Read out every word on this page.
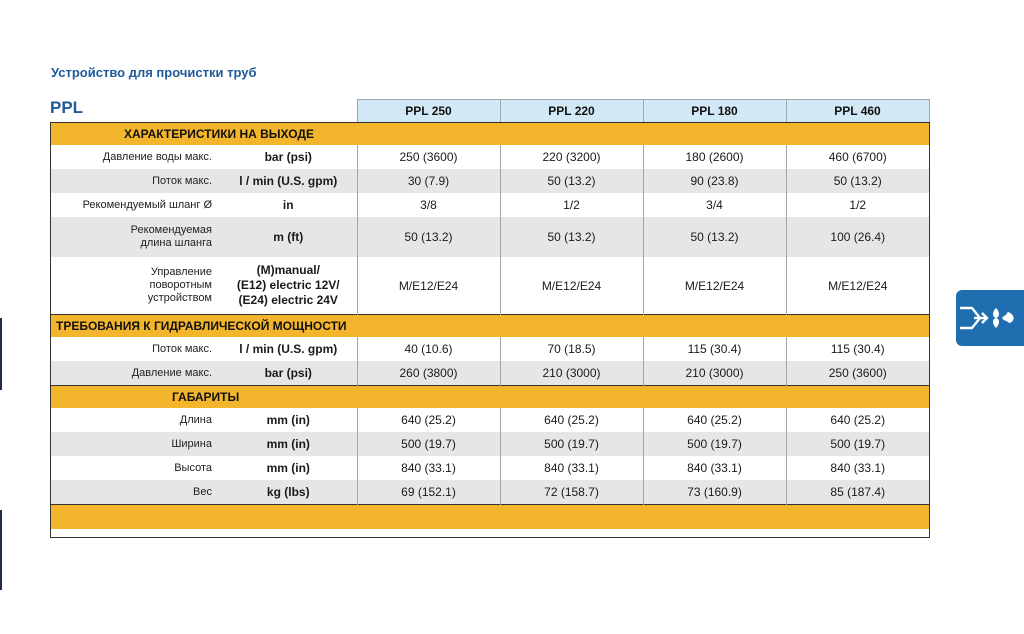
Устройство для прочистки труб
PPL
		PPL 250	PPL 220	PPL 180	PPL 460
ХАРАКТЕРИСТИКИ НА ВЫХОДЕ					
Давление воды макс.	bar (psi)	250 (3600)	220 (3200)	180 (2600)	460 (6700)
Поток макс.	l / min (U.S. gpm)	30 (7.9)	50 (13.2)	90 (23.8)	50 (13.2)
Рекомендуемый шланг Ø	in	3/8	1/2	3/4	1/2
Рекомендуемая
длина шланга	m (ft)	50 (13.2)	50 (13.2)	50 (13.2)	100 (26.4)
Управление
поворотным
устройством	(M)manual/
(E12) electric 12V/
(E24) electric 24V	M/E12/E24	M/E12/E24	M/E12/E24	M/E12/E24
ТРЕБОВАНИЯ К ГИДРАВЛИЧЕСКОЙ МОЩНОСТИ					
Поток макс.	l / min (U.S. gpm)	40 (10.6)	70 (18.5)	115 (30.4)	115 (30.4)
Давление макс.	bar (psi)	260 (3800)	210 (3000)	210 (3000)	250 (3600)
ГАБАРИТЫ					
Длина	mm (in)	640 (25.2)	640 (25.2)	640 (25.2)	640 (25.2)
Ширина	mm (in)	500 (19.7)	500 (19.7)	500 (19.7)	500 (19.7)
Высота	mm (in)	840 (33.1)	840 (33.1)	840 (33.1)	840 (33.1)
Вес	kg (lbs)	69 (152.1)	72 (158.7)	73 (160.9)	85 (187.4)
